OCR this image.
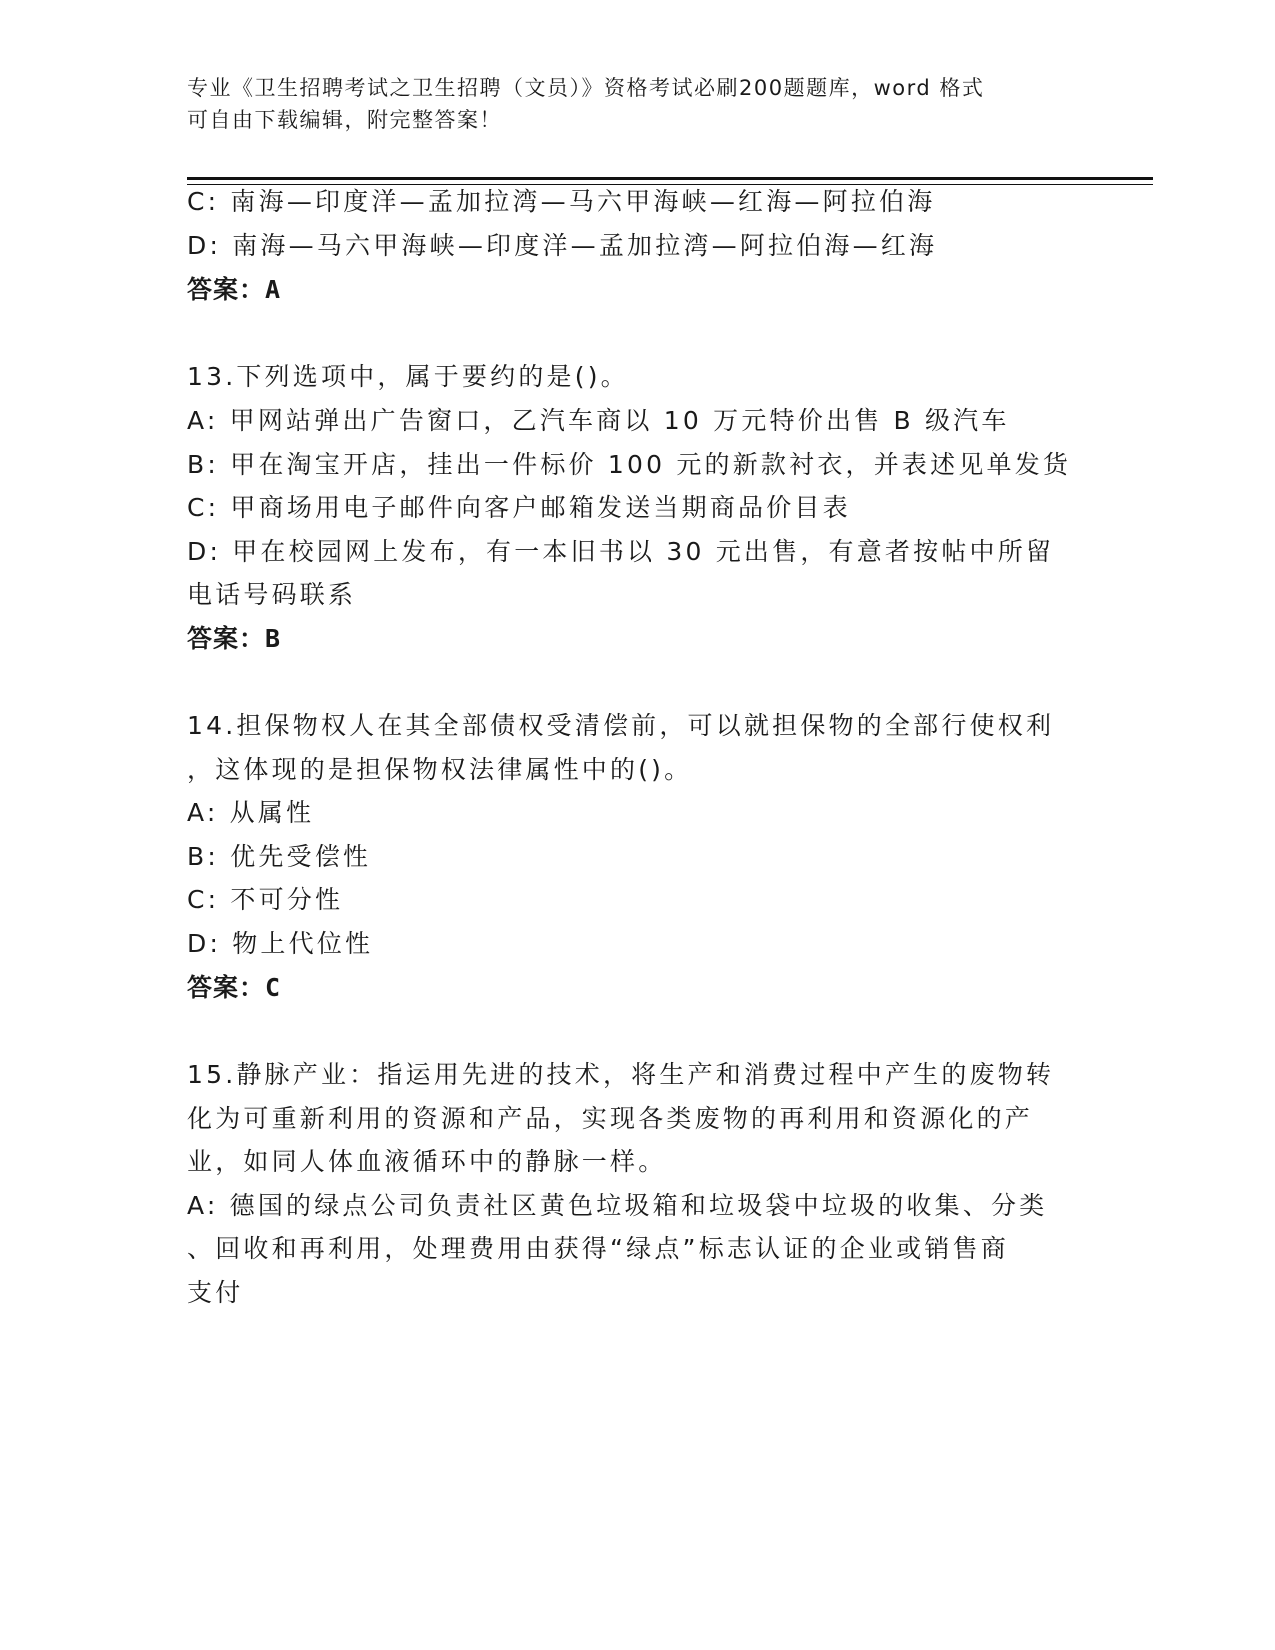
专业《卫生招聘考试之卫生招聘（文员）》资格考试必刷200题题库，word 格式
可自由下载编辑，附完整答案！
C: 南海—印度洋—孟加拉湾—马六甲海峡—红海—阿拉伯海
D: 南海—马六甲海峡—印度洋—孟加拉湾—阿拉伯海—红海
答案：A
13.下列选项中，属于要约的是()。
A: 甲网站弹出广告窗口，乙汽车商以 10 万元特价出售 B 级汽车
B: 甲在淘宝开店，挂出一件标价 100 元的新款衬衣，并表述见单发货
C: 甲商场用电子邮件向客户邮箱发送当期商品价目表
D: 甲在校园网上发布，有一本旧书以 30 元出售，有意者按帖中所留
电话号码联系
答案：B
14.担保物权人在其全部债权受清偿前，可以就担保物的全部行使权利
，这体现的是担保物权法律属性中的()。
A: 从属性
B: 优先受偿性
C: 不可分性
D: 物上代位性
答案：C
15.静脉产业：指运用先进的技术，将生产和消费过程中产生的废物转
化为可重新利用的资源和产品，实现各类废物的再利用和资源化的产
业，如同人体血液循环中的静脉一样。
A: 德国的绿点公司负责社区黄色垃圾箱和垃圾袋中垃圾的收集、分类
、回收和再利用，处理费用由获得“绿点”标志认证的企业或销售商
支付
